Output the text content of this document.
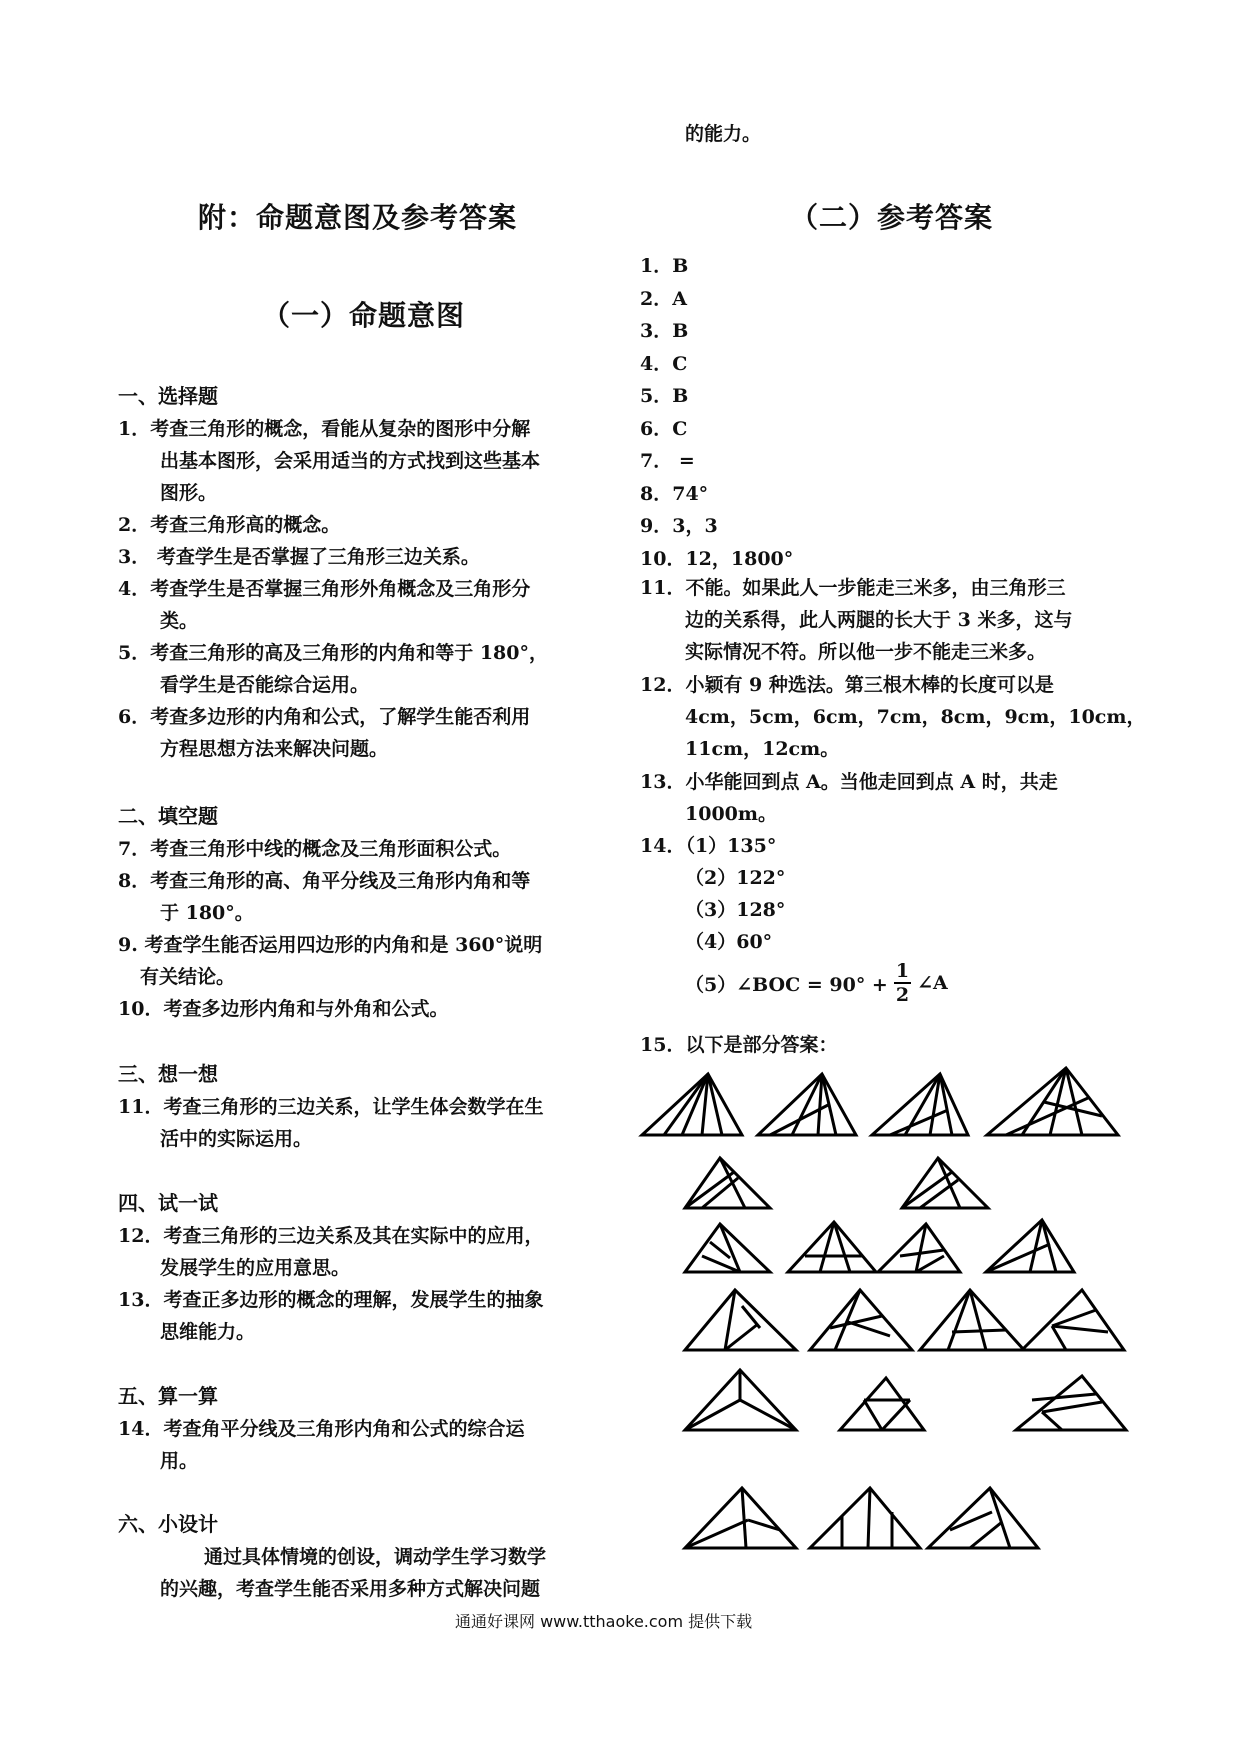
的能力。
附：命题意图及参考答案
（一）命题意图
一、选择题
1．考查三角形的概念，看能从复杂的图形中分解
出基本图形，会采用适当的方式找到这些基本
图形。
2．考查三角形高的概念。
3． 考查学生是否掌握了三角形三边关系。
4．考查学生是否掌握三角形外角概念及三角形分
类。
5．考查三角形的高及三角形的内角和等于 180°，
看学生是否能综合运用。
6．考查多边形的内角和公式，了解学生能否利用
方程思想方法来解决问题。
二、填空题
7．考查三角形中线的概念及三角形面积公式。
8．考查三角形的高、角平分线及三角形内角和等
于 180°。
9. 考查学生能否运用四边形的内角和是 360°说明
有关结论。
10．考查多边形内角和与外角和公式。
三、想一想
11．考查三角形的三边关系，让学生体会数学在生
活中的实际运用。
四、试一试
12．考查三角形的三边关系及其在实际中的应用，
发展学生的应用意思。
13．考查正多边形的概念的理解，发展学生的抽象
思维能力。
五、算一算
14．考查角平分线及三角形内角和公式的综合运
用。
六、小设计
通过具体情境的创设，调动学生学习数学
的兴趣，考查学生能否采用多种方式解决问题
（二）参考答案
1．B
2．A
3．B
4．C
5．B
6．C
7． =
8．74°
9．3，3
10．12，1800°
11．不能。如果此人一步能走三米多，由三角形三
边的关系得，此人两腿的长大于 3 米多，这与
实际情况不符。所以他一步不能走三米多。
12．小颖有 9 种选法。第三根木棒的长度可以是
4cm，5cm，6cm，7cm，8cm，9cm，10cm，
11cm，12cm。
13．小华能回到点 A。当他走回到点 A 时，共走
1000m。
14．（1）135°
（2）122°
（3）128°
（4）60°
（5）∠BOC = $90^\circ + \frac{1}{2}$ ∠A
15．以下是部分答案：
通通好课网 www.tthaoke.com 提供下载
